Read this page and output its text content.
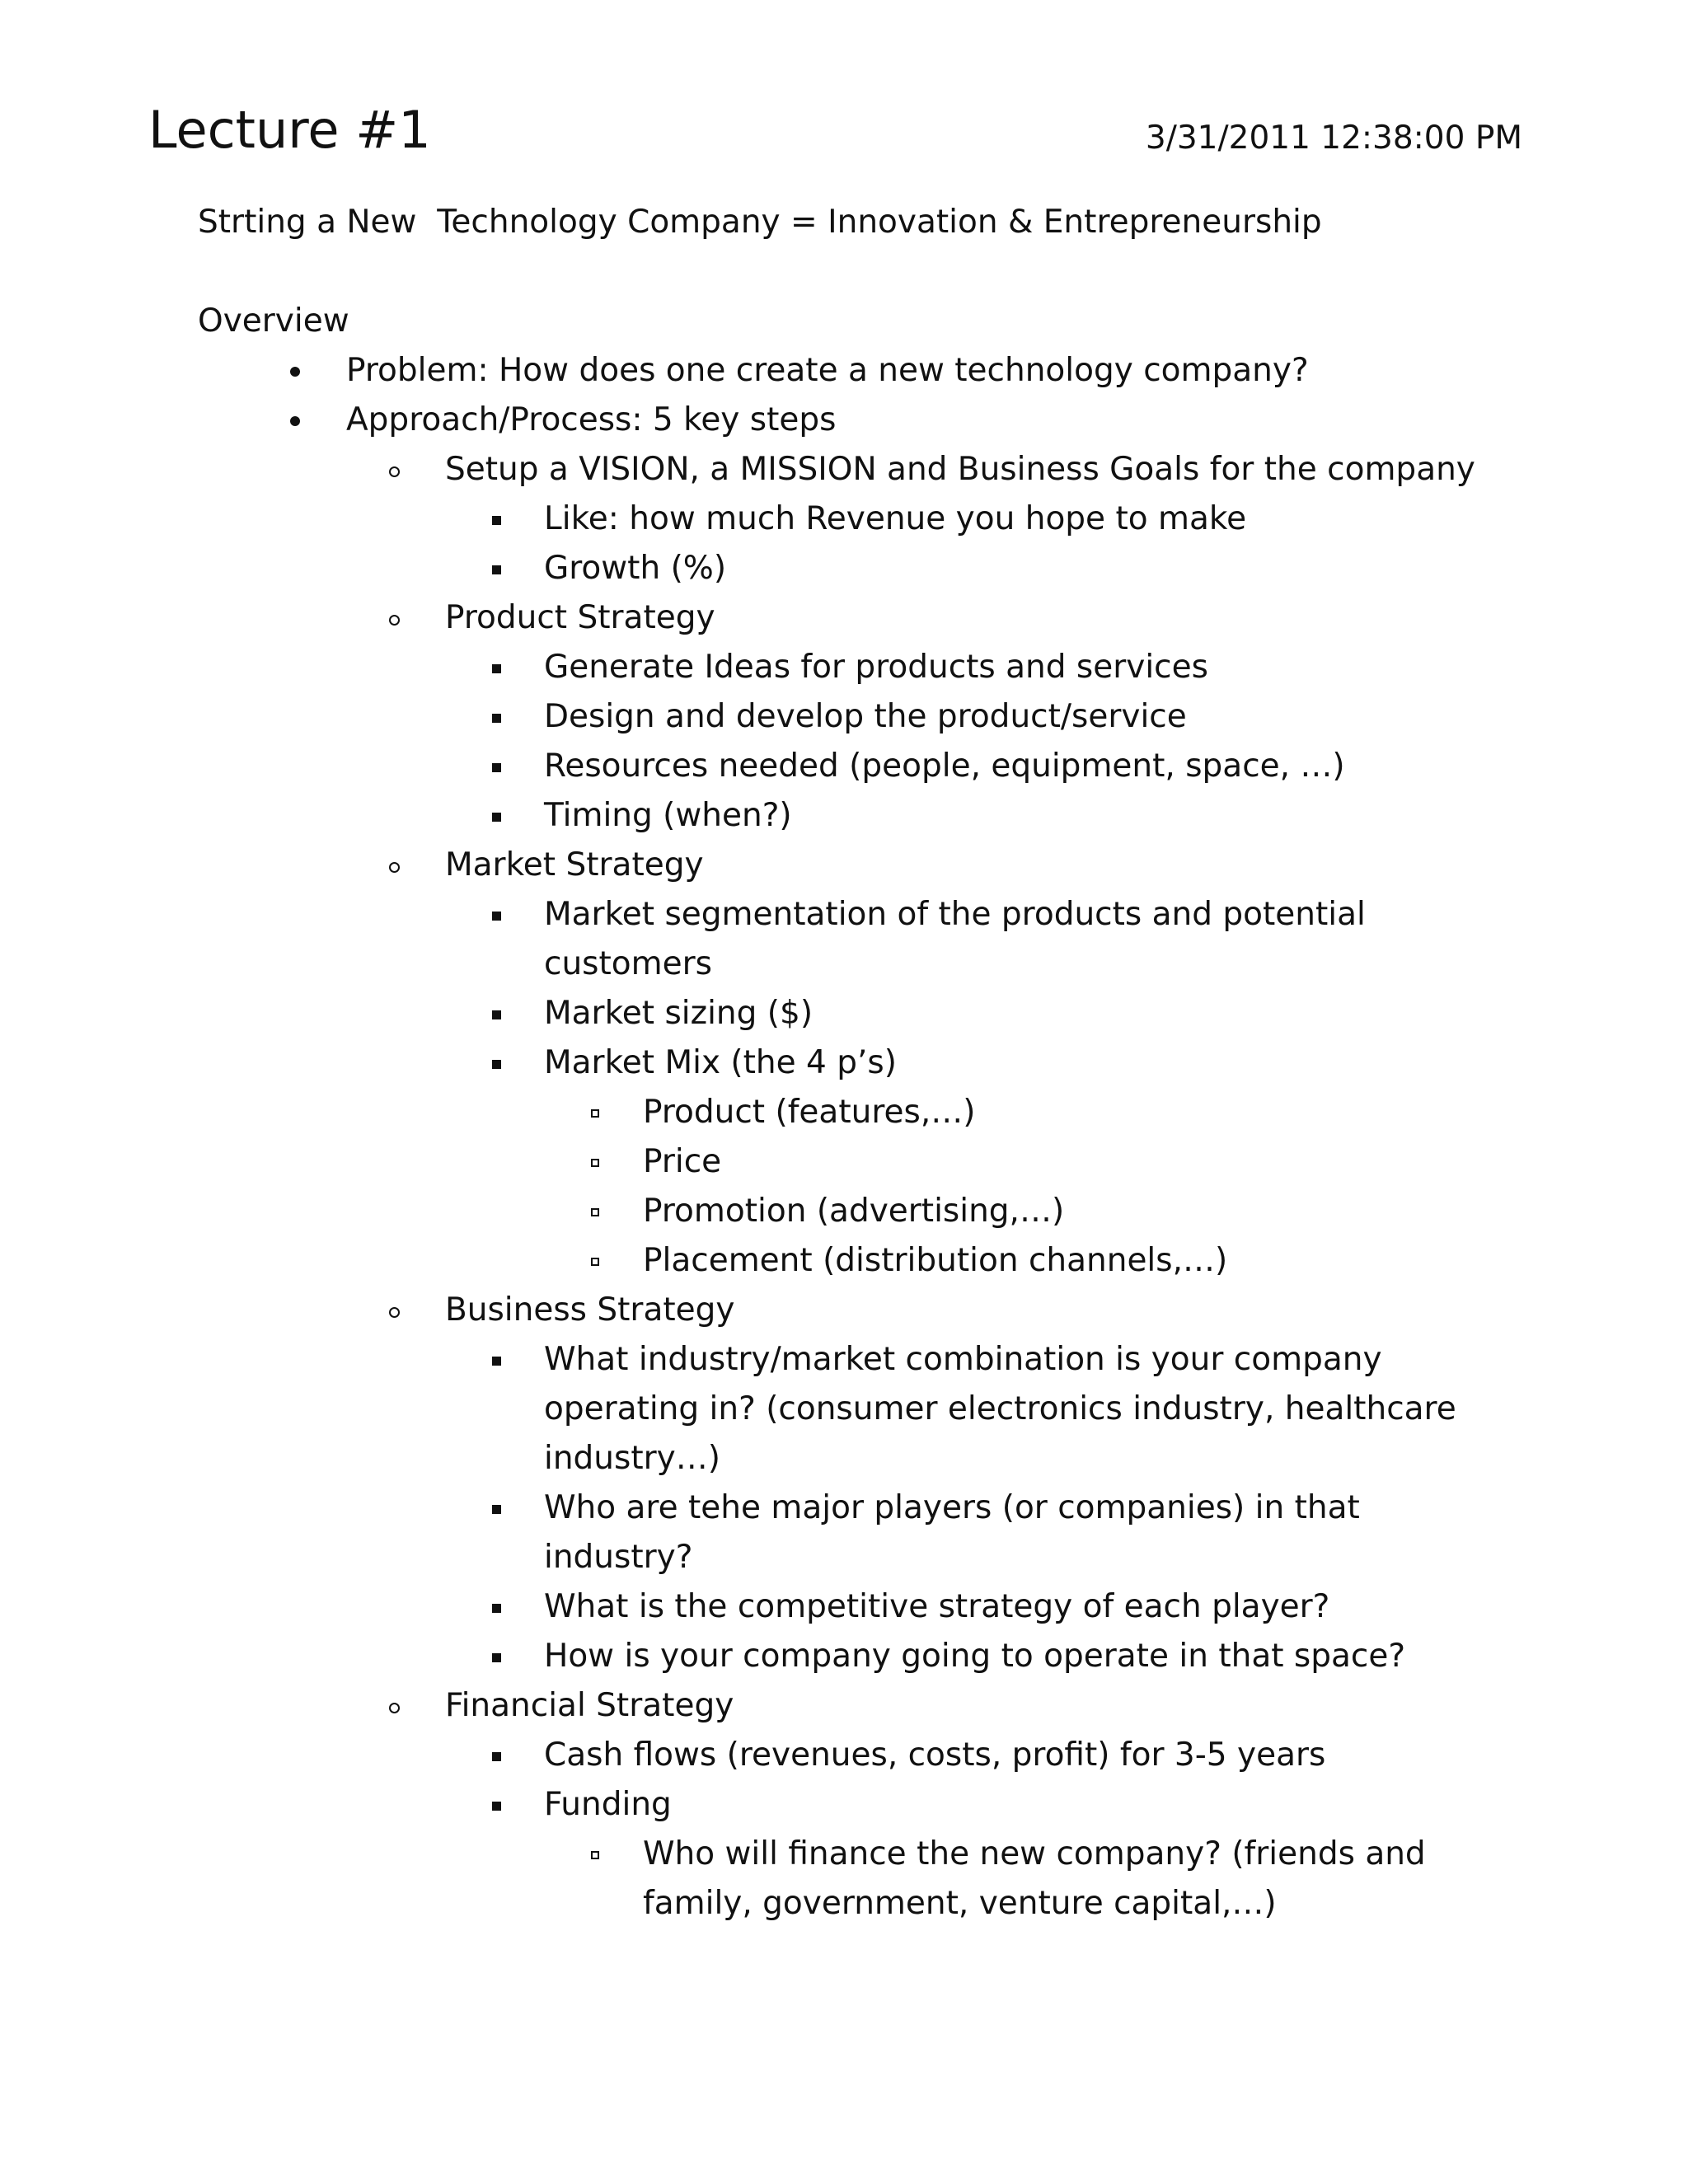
Lecture #1	3/31/2011 12:38:00 PM
Strting a New  Technology Company = Innovation & Entrepreneurship
Overview
Problem: How does one create a new technology company?
Approach/Process: 5 key steps
Setup a VISION, a MISSION and Business Goals for the company
Like: how much Revenue you hope to make
Growth (%)
Product Strategy
Generate Ideas for products and services
Design and develop the product/service
Resources needed (people, equipment, space, …)
Timing (when?)
Market Strategy
Market segmentation of the products and potential customers
Market sizing ($)
Market Mix (the 4 p’s)
Product (features,…)
Price
Promotion (advertising,…)
Placement (distribution channels,…)
Business Strategy
What industry/market combination is your company operating in? (consumer electronics industry, healthcare industry…)
Who are tehe major players (or companies) in that industry?
What is the competitive strategy of each player?
How is your company going to operate in that space?
Financial Strategy
Cash flows (revenues, costs, profit) for 3-5 years
Funding
Who will finance the new company? (friends and family, government, venture capital,…)
